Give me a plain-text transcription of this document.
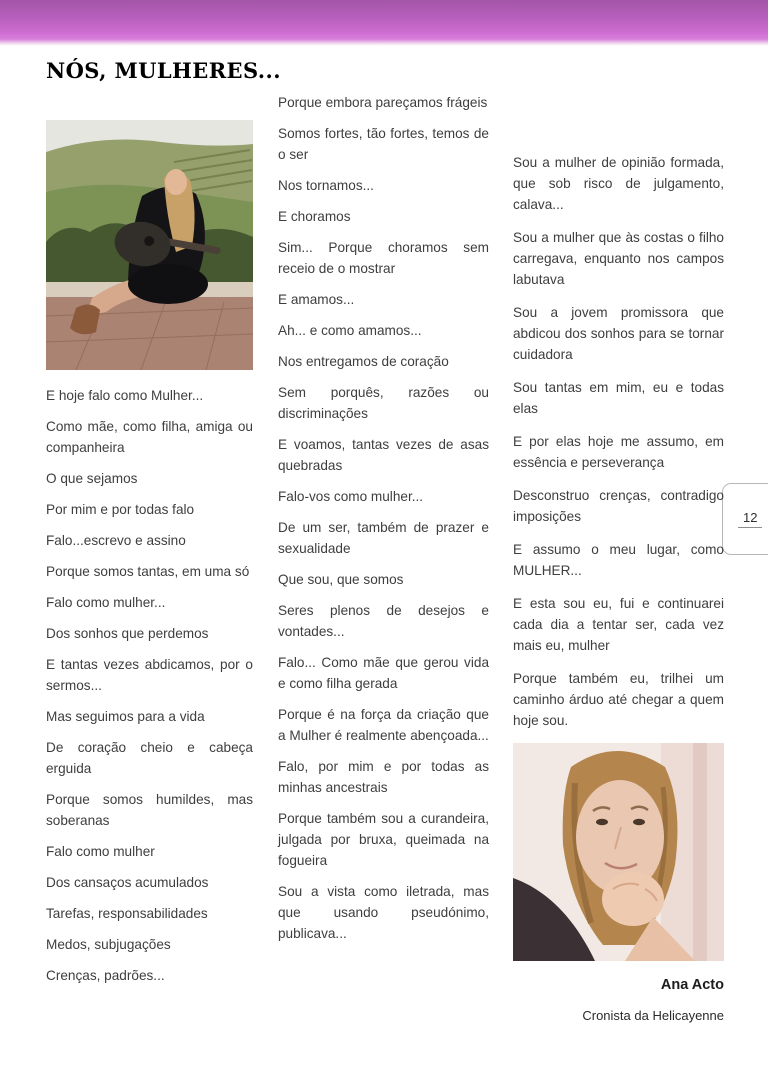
NÓS, MULHERES...
12

E hoje falo como Mulher...

Como mãe, como filha, amiga ou companheira

O que sejamos

Por mim e por todas falo

Falo...escrevo e assino

Porque somos tantas, em uma só

Falo como mulher...

Dos sonhos que perdemos

E tantas vezes abdicamos, por o sermos...

Mas seguimos para a vida

De coração cheio e cabeça erguida

Porque somos humildes, mas soberanas

Falo como mulher

Dos cansaços acumulados

Tarefas, responsabilidades

Medos, subjugações

Crenças, padrões...

Porque embora pareçamos frágeis

Somos fortes, tão fortes, temos de o ser

Nos tornamos...

E choramos

Sim... Porque choramos sem receio de o mostrar

E amamos...

Ah... e como amamos...

Nos entregamos de coração

Sem porquês, razões ou discriminações

E voamos, tantas vezes de asas quebradas

Falo-vos como mulher...

De um ser, também de prazer e sexualidade

Que sou, que somos

Seres plenos de desejos e vontades...

Falo... Como mãe que gerou vida e como filha gerada

Porque é na força da criação que a Mulher é realmente abençoada...

Falo, por mim e por todas as minhas ancestrais

Porque também sou a curandeira, julgada por bruxa, queimada na fogueira

Sou a vista como iletrada, mas que usando pseudónimo, publicava...

Sou a mulher de opinião formada, que sob risco de julgamento, calava...

Sou a mulher que às costas o filho carregava, enquanto nos campos labutava

Sou a jovem promissora que abdicou dos sonhos para se tornar cuidadora

Sou tantas em mim, eu e todas elas

E por elas hoje me assumo, em essência e perseverança

Desconstruo crenças, contradigo imposições

E assumo o meu lugar, como MULHER...

E esta sou eu, fui e continuarei cada dia a tentar ser, cada vez mais eu, mulher

Porque também eu, trilhei um caminho árduo até chegar a quem hoje sou.

Ana Acto
Cronista da Helicayenne
